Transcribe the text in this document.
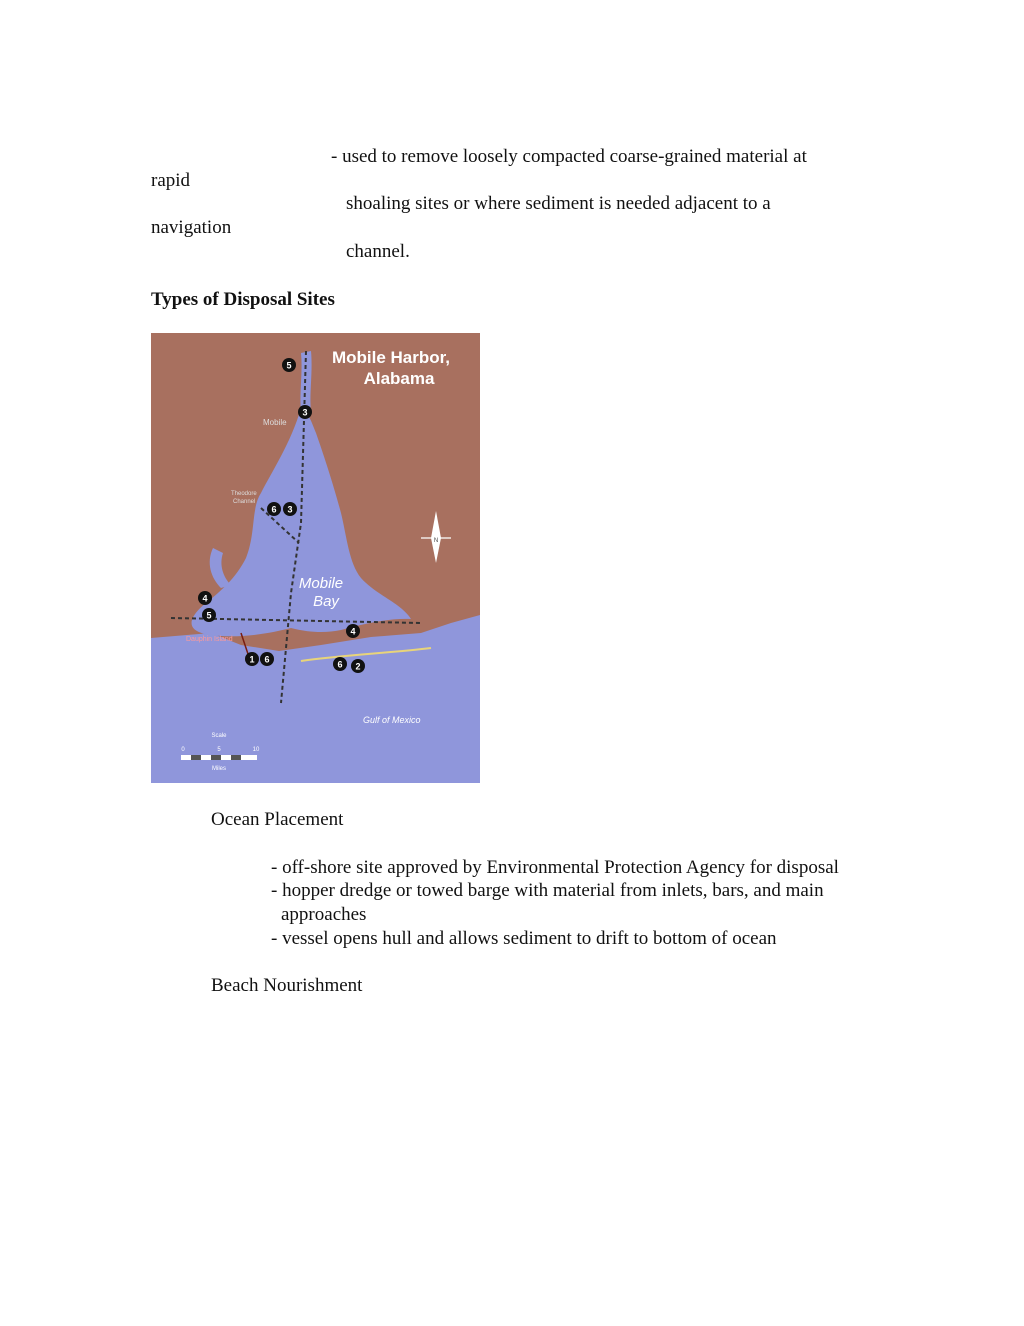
- used to remove loosely compacted coarse-grained material at
rapid
shoaling sites or where sediment is needed adjacent to a
navigation
channel.
Types of Disposal Sites
Mobile Harbor,
Alabama
Mobile
Theodore
Channel
Mobile
Bay
Dauphin Island
Gulf of Mexico
N
Scale
0	5	10
Miles
5
3
6 3
4
5
4
1 6	6 2
Ocean Placement
- off-shore site approved by Environmental Protection Agency for disposal
- hopper dredge or towed barge with material from inlets, bars, and main
approaches
- vessel opens hull and allows sediment to drift to bottom of ocean
Beach Nourishment
